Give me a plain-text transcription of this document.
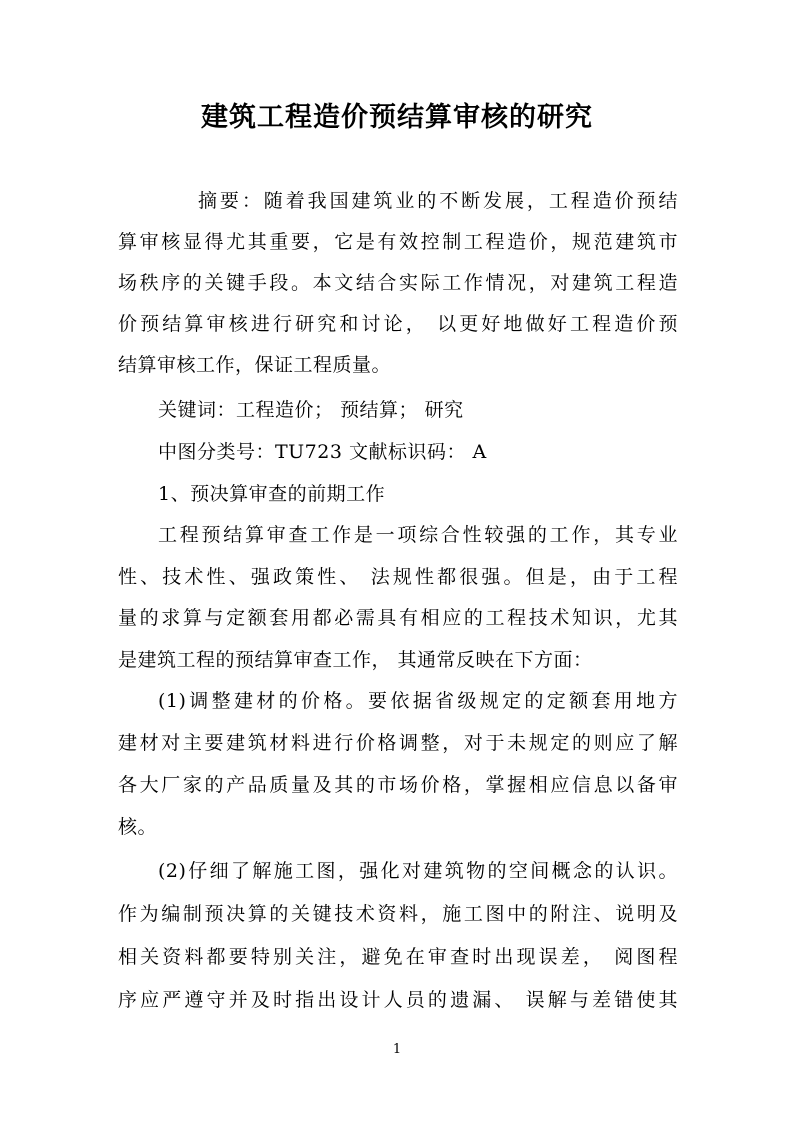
建筑工程造价预结算审核的研究

摘要：随着我国建筑业的不断发展，工程造价预结

算审核显得尤其重要，它是有效控制工程造价，规范建筑市

场秩序的关键手段。本文结合实际工作情况，对建筑工程造

价预结算审核进行研究和讨论， 以更好地做好工程造价预

结算审核工作，保证工程质量。

关键词：工程造价； 预结算； 研究

中图分类号：TU723 文献标识码： A

1、预决算审查的前期工作

工程预结算审查工作是一项综合性较强的工作，其专业

性、技术性、强政策性、 法规性都很强。但是，由于工程

量的求算与定额套用都必需具有相应的工程技术知识，尤其

是建筑工程的预结算审查工作， 其通常反映在下方面：

(1)调整建材的价格。要依据省级规定的定额套用地方

建材对主要建筑材料进行价格调整，对于未规定的则应了解

各大厂家的产品质量及其的市场价格，掌握相应信息以备审

核。

(2)仔细了解施工图，强化对建筑物的空间概念的认识。

作为编制预决算的关键技术资料，施工图中的附注、说明及

相关资料都要特别关注，避免在审查时出现误差， 阅图程

序应严遵守并及时指出设计人员的遗漏、 误解与差错使其

1
